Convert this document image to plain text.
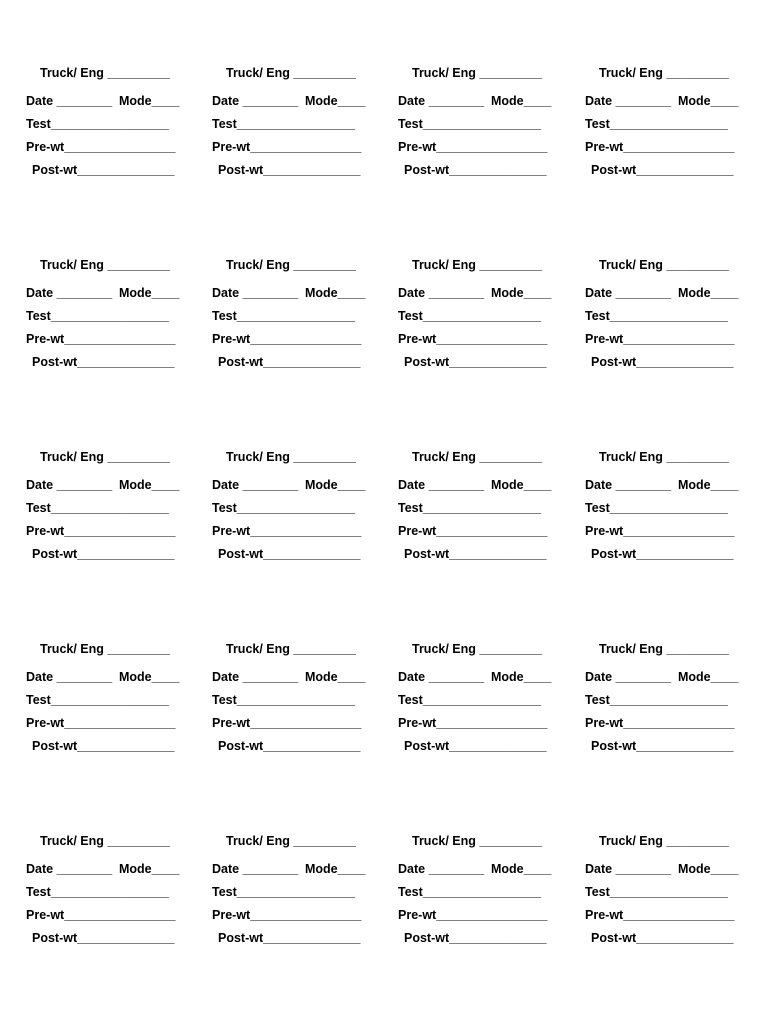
Truck/ Eng _________
Date ________ Mode____
Test_________________
Pre-wt________________
Post-wt______________
Truck/ Eng _________
Date ________ Mode____
Test_________________
Pre-wt________________
Post-wt______________
Truck/ Eng _________
Date ________ Mode____
Test_________________
Pre-wt________________
Post-wt______________
Truck/ Eng _________
Date ________ Mode____
Test_________________
Pre-wt________________
Post-wt______________
Truck/ Eng _________
Date ________ Mode____
Test_________________
Pre-wt________________
Post-wt______________
Truck/ Eng _________
Date ________ Mode____
Test_________________
Pre-wt________________
Post-wt______________
Truck/ Eng _________
Date ________ Mode____
Test_________________
Pre-wt________________
Post-wt______________
Truck/ Eng _________
Date ________ Mode____
Test_________________
Pre-wt________________
Post-wt______________
Truck/ Eng _________
Date ________ Mode____
Test_________________
Pre-wt________________
Post-wt______________
Truck/ Eng _________
Date ________ Mode____
Test_________________
Pre-wt________________
Post-wt______________
Truck/ Eng _________
Date ________ Mode____
Test_________________
Pre-wt________________
Post-wt______________
Truck/ Eng _________
Date ________ Mode____
Test_________________
Pre-wt________________
Post-wt______________
Truck/ Eng _________
Date ________ Mode____
Test_________________
Pre-wt________________
Post-wt______________
Truck/ Eng _________
Date ________ Mode____
Test_________________
Pre-wt________________
Post-wt______________
Truck/ Eng _________
Date ________ Mode____
Test_________________
Pre-wt________________
Post-wt______________
Truck/ Eng _________
Date ________ Mode____
Test_________________
Pre-wt________________
Post-wt______________
Truck/ Eng _________
Date ________ Mode____
Test_________________
Pre-wt________________
Post-wt______________
Truck/ Eng _________
Date ________ Mode____
Test_________________
Pre-wt________________
Post-wt______________
Truck/ Eng _________
Date ________ Mode____
Test_________________
Pre-wt________________
Post-wt______________
Truck/ Eng _________
Date ________ Mode____
Test_________________
Pre-wt________________
Post-wt______________
